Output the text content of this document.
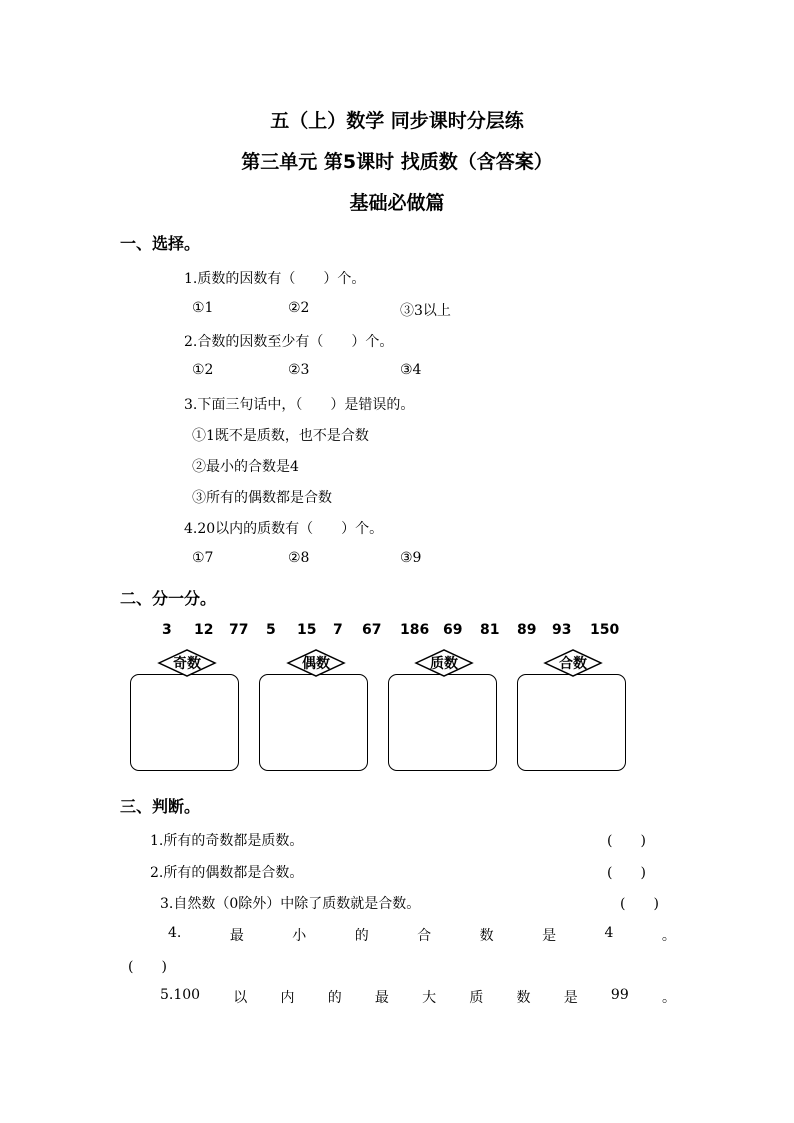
五（上）数学 同步课时分层练
第三单元 第5课时 找质数（含答案）
基础必做篇
一、选择。
1.质数的因数有（　　）个。
①1	②2	③3以上
2.合数的因数至少有（　　）个。
①2	②3	③4
3.下面三句话中，（　　）是错误的。
①1既不是质数，也不是合数
②最小的合数是4
③所有的偶数都是合数
4.20以内的质数有（　　）个。
①7	②8	③9
二、分一分。
3 12 77 5 15 7 67 186 69 81 89 93 150
奇数	偶数	质数	合数
三、判断。
1.所有的奇数都是质数。	(　　)
2.所有的偶数都是合数。	(　　)
3.自然数（0除外）中除了质数就是合数。	(　　)
4.	最	小	的	合	数	是	4	。
(　　)
5.100 以 内 的 最 大 质 数 是 99 。
